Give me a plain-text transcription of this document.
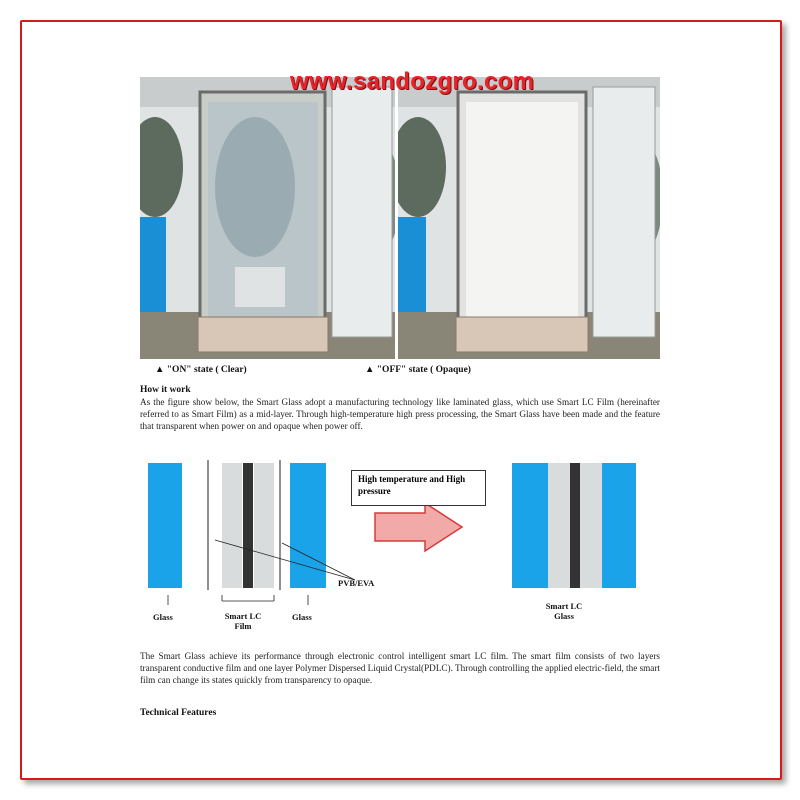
www.sandozgro.com
▲ "ON" state ( Clear)	▲ "OFF" state ( Opaque)
How it work
As the figure show below, the Smart Glass adopt a manufacturing technology like laminated glass, which use Smart LC Film (hereinafter referred to as Smart Film) as a mid-layer. Through high-temperature high press processing, the Smart Glass have been made and the feature that transparent when power on and opaque when power off.
High temperature and High pressure
PVB/EVA
Glass	Smart LC Film
Glass
Smart LC Glass
The Smart Glass achieve its performance through electronic control intelligent smart LC film. The smart film consists of two layers transparent conductive film and one layer Polymer Dispersed Liquid Crystal(PDLC). Through controlling the applied electric-field, the smart film can change its states quickly from transparency to opaque.
Technical Features
